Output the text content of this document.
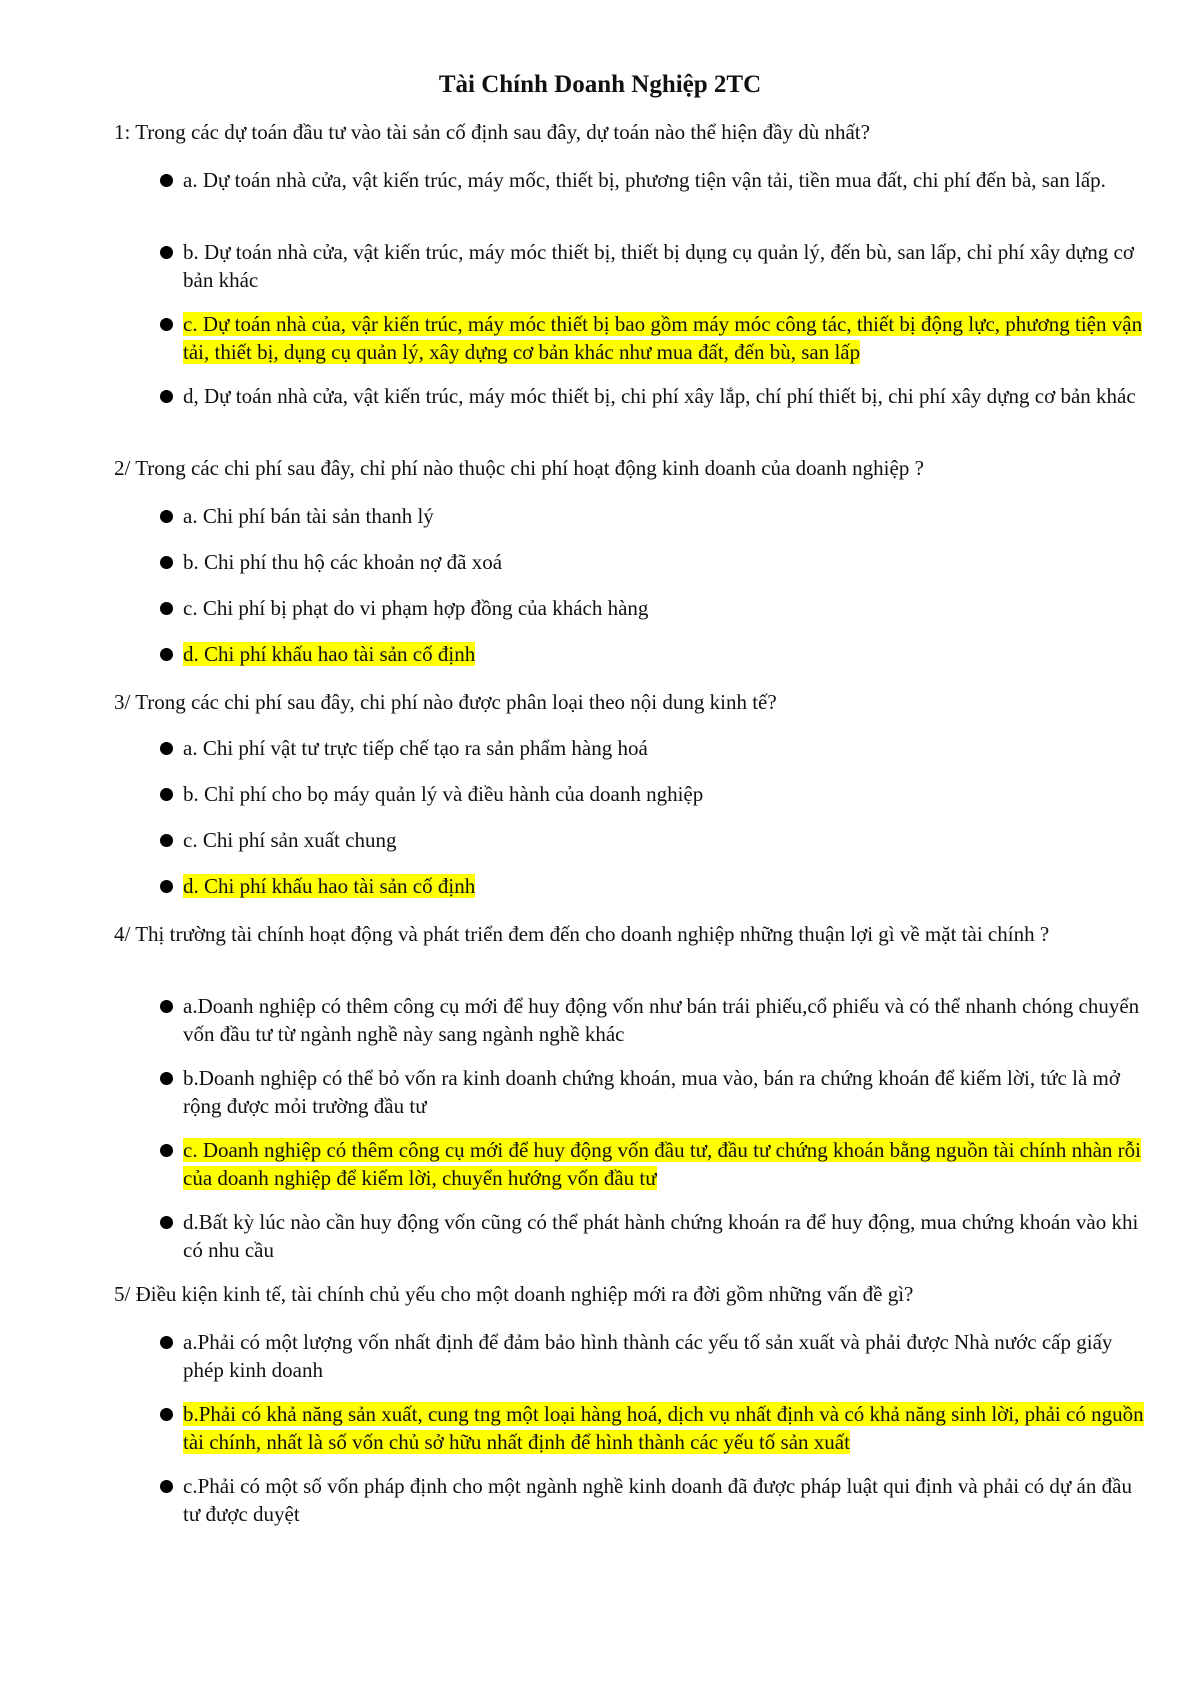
Tài Chính Doanh Nghiệp 2TC

1: Trong các dự toán đầu tư vào tài sản cố định sau đây, dự toán nào thể hiện đầy dù nhất?

a. Dự toán nhà cửa, vật kiến trúc, máy mốc, thiết bị, phương tiện vận tải, tiền mua đất, chi phí đến bà, san lấp.
b. Dự toán nhà cửa, vật kiến trúc, máy móc thiết bị, thiết bị dụng cụ quản lý, đến bù, san lấp, chỉ phí xây dựng cơ bản khác
c. Dự toán nhà của, vậr kiến trúc, máy móc thiết bị bao gồm máy móc công tác, thiết bị động lực, phương tiện vận tải, thiết bị, dụng cụ quản lý, xây dựng cơ bản khác như mua đất, đến bù, san lấp
d, Dự toán nhà cửa, vật kiến trúc, máy móc thiết bị, chi phí xây lắp, chí phí thiết bị, chi phí xây dựng cơ bản khác

2/ Trong các chi phí sau đây, chỉ phí nào thuộc chi phí hoạt động kinh doanh của doanh nghiệp ?

a. Chi phí bán tài sản thanh lý
b. Chi phí thu hộ các khoản nợ đã xoá
c. Chi phí bị phạt do vi phạm hợp đồng của khách hàng
d. Chi phí khấu hao tài sản cố định

3/ Trong các chi phí sau đây, chi phí nào được phân loại theo nội dung kinh tế?

a. Chi phí vật tư trực tiếp chế tạo ra sản phẩm hàng hoá
b. Chỉ phí cho bọ máy quản lý và điều hành của doanh nghiệp
c. Chi phí sản xuất chung
d. Chi phí khấu hao tài sản cố định

4/ Thị trường tài chính hoạt động và phát triển đem đến cho doanh nghiệp những thuận lợi gì về mặt tài chính ?

a.Doanh nghiệp có thêm công cụ mới để huy động vốn như bán trái phiếu,cổ phiếu và có thể nhanh chóng chuyển vốn đầu tư từ ngành nghề này sang ngành nghề khác
b.Doanh nghiệp có thể bỏ vốn ra kinh doanh chứng khoán, mua vào, bán ra chứng khoán để kiếm lời, tức là mở rộng được mỏi trường đầu tư
c. Doanh nghiệp có thêm công cụ mới để huy động vốn đầu tư, đầu tư chứng khoán bằng nguồn tài chính nhàn rỗi của doanh nghiệp để kiếm lời, chuyển hướng vốn đầu tư
d.Bất kỳ lúc nào cần huy động vốn cũng có thể phát hành chứng khoán ra để huy động, mua chứng khoán vào khi có nhu cầu

5/ Điều kiện kinh tế, tài chính chủ yếu cho một doanh nghiệp mới ra đời gồm những vấn đề gì?

a.Phải có một lượng vốn nhất định để đảm bảo hình thành các yếu tố sản xuất và phải được Nhà nước cấp giấy phép kinh doanh
b.Phải có khả năng sản xuất, cung tng một loại hàng hoá, dịch vụ nhất định và có khả năng sinh lời, phải có nguồn tài chính, nhất là số vốn chủ sở hữu nhất định để hình thành các yếu tố sản xuất
c.Phải có một số vốn pháp định cho một ngành nghề kinh doanh đã được pháp luật qui định và phải có dự án đầu tư được duyệt
